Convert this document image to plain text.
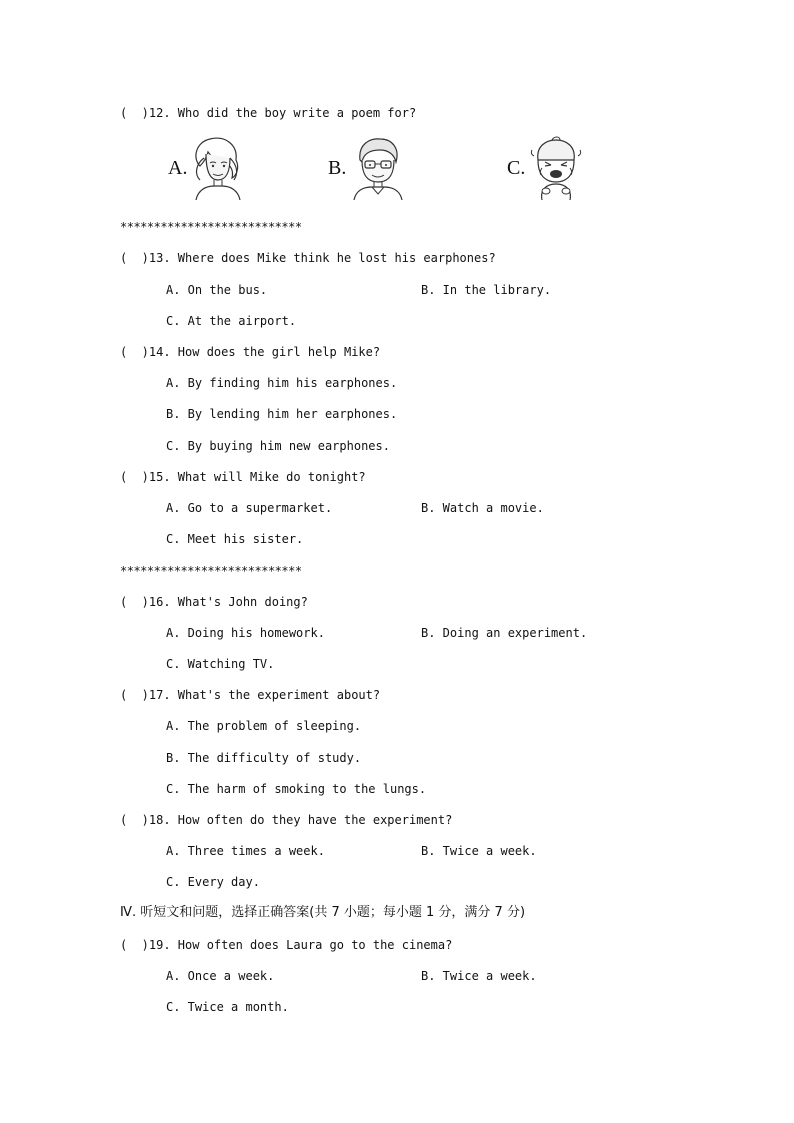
(  )12. Who did the boy write a poem for?
A.	B.	C.
***************************
(  )13. Where does Mike think he lost his earphones?
A. On the bus.	B. In the library.
C. At the airport.
(  )14. How does the girl help Mike?
A. By finding him his earphones.
B. By lending him her earphones.
C. By buying him new earphones.
(  )15. What will Mike do tonight?
A. Go to a supermarket.	B. Watch a movie.
C. Meet his sister.
***************************
(  )16. What's John doing?
A. Doing his homework.	B. Doing an experiment.
C. Watching TV.
(  )17. What's the experiment about?
A. The problem of sleeping.
B. The difficulty of study.
C. The harm of smoking to the lungs.
(  )18. How often do they have the experiment?
A. Three times a week.	B. Twice a week.
C. Every day.
Ⅳ. 听短文和问题，选择正确答案(共 7 小题；每小题 1 分，满分 7 分)
(  )19. How often does Laura go to the cinema?
A. Once a week.	B. Twice a week.
C. Twice a month.
